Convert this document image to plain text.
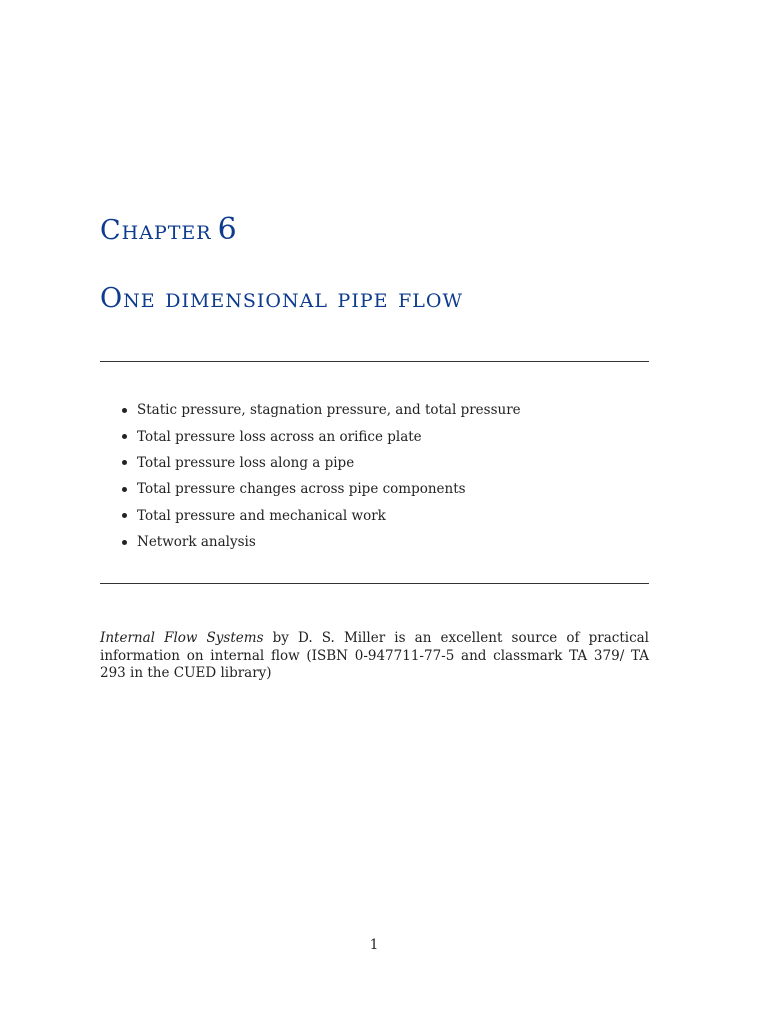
Chapter 6
One dimensional pipe flow
Static pressure, stagnation pressure, and total pressure
Total pressure loss across an orifice plate
Total pressure loss along a pipe
Total pressure changes across pipe components
Total pressure and mechanical work
Network analysis

Internal Flow Systems by D. S. Miller is an excellent source of practical information on internal flow (ISBN 0-947711-77-5 and classmark TA 379/ TA 293 in the CUED library)

1
